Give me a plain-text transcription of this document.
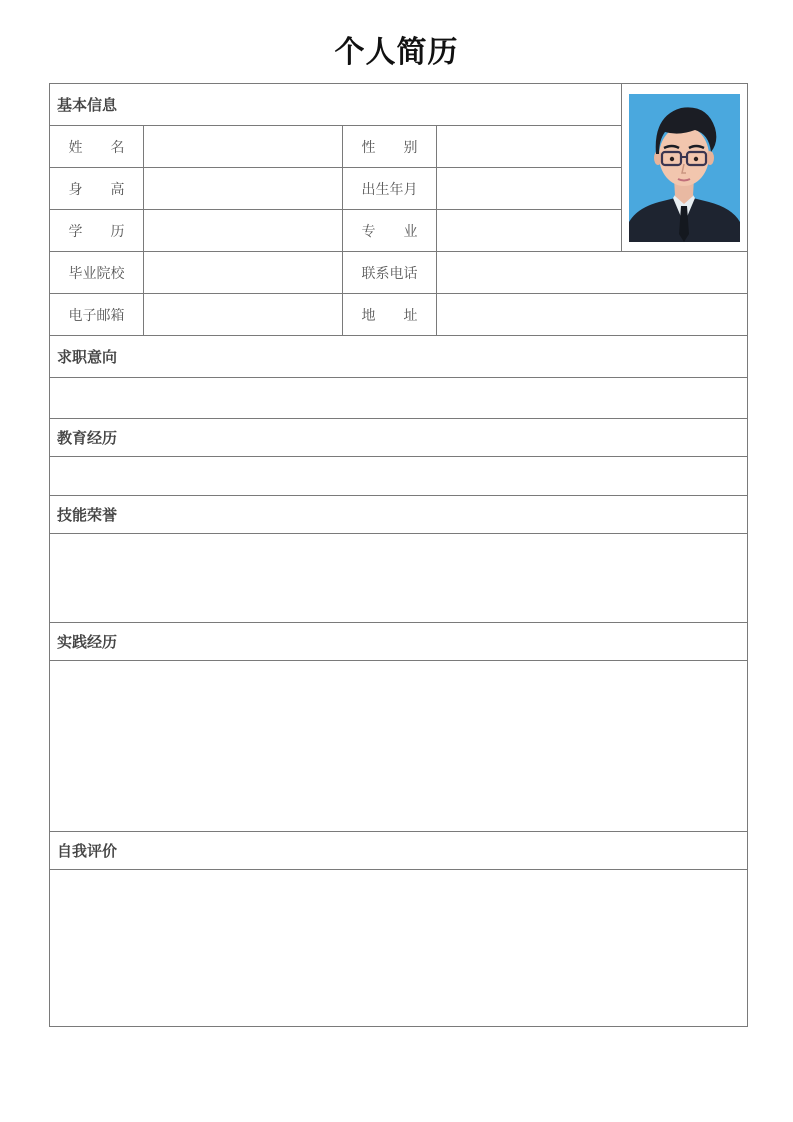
个人简历
基本信息	
姓　　名		性　　别		
身　　高		出生年月		
学　　历		专　　业		
毕业院校		联系电话		
电子邮箱		地　　址		
求职意向				

教育经历				

技能荣誉				

实践经历				

自我评价				
